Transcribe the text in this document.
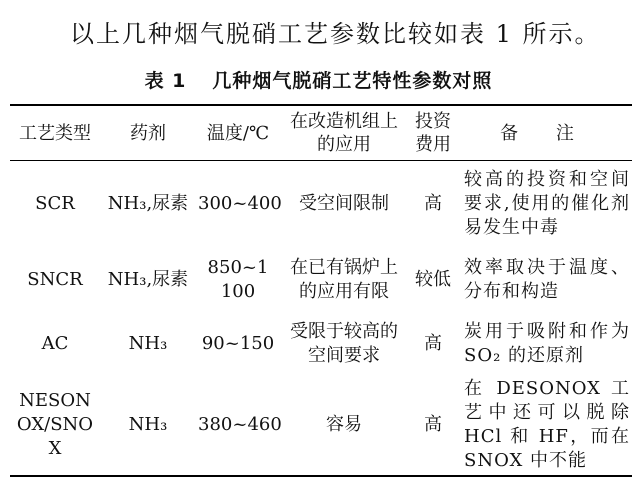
以上几种烟气脱硝工艺参数比较如表 1 所示。
表 1 几种烟气脱硝工艺特性参数对照
工艺类型	药剂	温度/℃	在改造机组上的应用	投资费用	备 注
SCR	NH₃,尿素	300~400	受空间限制	高	较高的投资和空间要求,使用的催化剂易发生中毒
SNCR	NH₃,尿素	850~1 100	在已有锅炉上的应用有限	较低	效率取决于温度、分布和构造
AC	NH₃	90~150	受限于较高的空间要求	高	炭用于吸附和作为 SO₂ 的还原剂
NESONOX/SNOX	NH₃	380~460	容易	高	在 DESONOX 工艺中还可以脱除 HCl 和 HF，而在 SNOX 中不能
